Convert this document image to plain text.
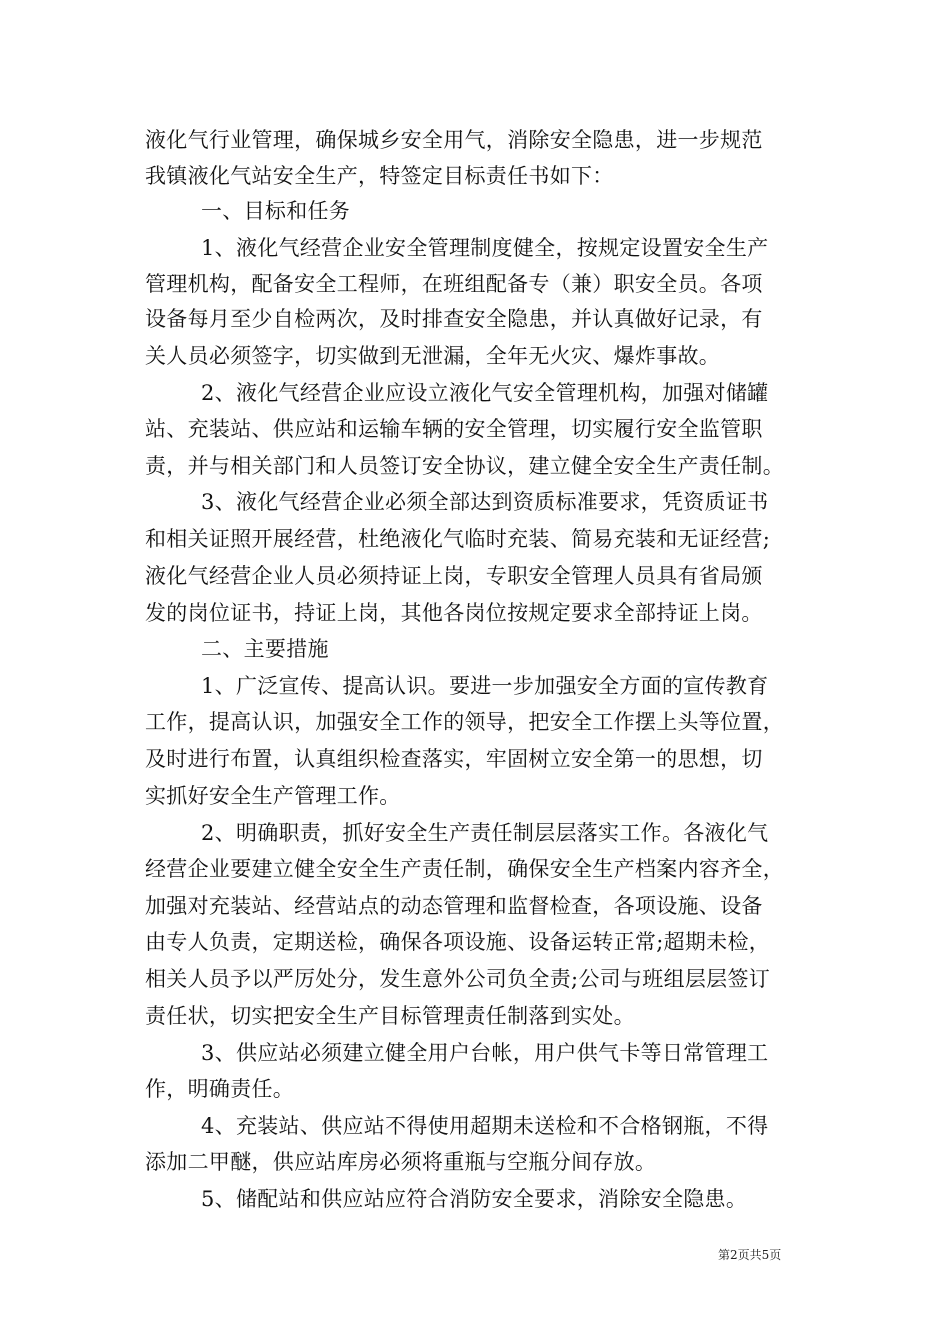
液化气行业管理，确保城乡安全用气，消除安全隐患，进一步规范
我镇液化气站安全生产，特签定目标责任书如下：
一、目标和任务
1、液化气经营企业安全管理制度健全，按规定设置安全生产
管理机构，配备安全工程师，在班组配备专（兼）职安全员。各项
设备每月至少自检两次，及时排查安全隐患，并认真做好记录，有
关人员必须签字，切实做到无泄漏，全年无火灾、爆炸事故。
2、液化气经营企业应设立液化气安全管理机构，加强对储罐
站、充装站、供应站和运输车辆的安全管理，切实履行安全监管职
责，并与相关部门和人员签订安全协议，建立健全安全生产责任制。
3、液化气经营企业必须全部达到资质标准要求，凭资质证书
和相关证照开展经营，杜绝液化气临时充装、简易充装和无证经营;
液化气经营企业人员必须持证上岗，专职安全管理人员具有省局颁
发的岗位证书，持证上岗，其他各岗位按规定要求全部持证上岗。
二、主要措施
1、广泛宣传、提高认识。要进一步加强安全方面的宣传教育
工作，提高认识，加强安全工作的领导，把安全工作摆上头等位置，
及时进行布置，认真组织检查落实，牢固树立安全第一的思想，切
实抓好安全生产管理工作。
2、明确职责，抓好安全生产责任制层层落实工作。各液化气
经营企业要建立健全安全生产责任制，确保安全生产档案内容齐全，
加强对充装站、经营站点的动态管理和监督检查，各项设施、设备
由专人负责，定期送检，确保各项设施、设备运转正常;超期未检，
相关人员予以严厉处分，发生意外公司负全责;公司与班组层层签订
责任状，切实把安全生产目标管理责任制落到实处。
3、供应站必须建立健全用户台帐，用户供气卡等日常管理工
作，明确责任。
4、充装站、供应站不得使用超期未送检和不合格钢瓶，不得
添加二甲醚，供应站库房必须将重瓶与空瓶分间存放。
5、储配站和供应站应符合消防安全要求，消除安全隐患。
第2页共5页
